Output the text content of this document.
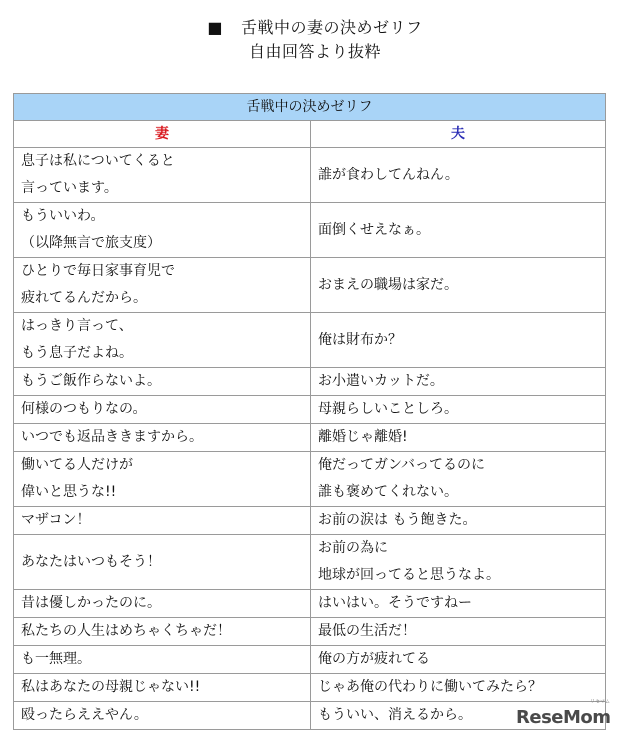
■ 舌戦中の妻の決めゼリフ
自由回答より抜粋
舌戦中の決めゼリフ	
妻	夫

息子は私についてくると
言っています。	誰が食わしてんねん。

もういいわ。
（以降無言で旅支度）	面倒くせえなぁ。

ひとりで毎日家事育児で
疲れてるんだから。	おまえの職場は家だ。

はっきり言って、
もう息子だよね。	俺は財布か？

もうご飯作らないよ。	お小遣いカットだ。

何様のつもりなの。	母親らしいことしろ。

いつでも返品ききますから。	離婚じゃ離婚!

働いてる人だけが
偉いと思うな!!	俺だってガンバってるのに
誰も褒めてくれない。

マザコン！	お前の涙は もう飽きた。

あなたはいつもそう！	お前の為に
地球が回ってると思うなよ。

昔は優しかったのに。	はいはい。そうですねー

私たちの人生はめちゃくちゃだ！	最低の生活だ！

も一無理。	俺の方が疲れてる

私はあなたの母親じゃない!!	じゃあ俺の代わりに働いてみたら？

殴ったらええやん。	もういい、消えるから。
リセマム
ReseMom
